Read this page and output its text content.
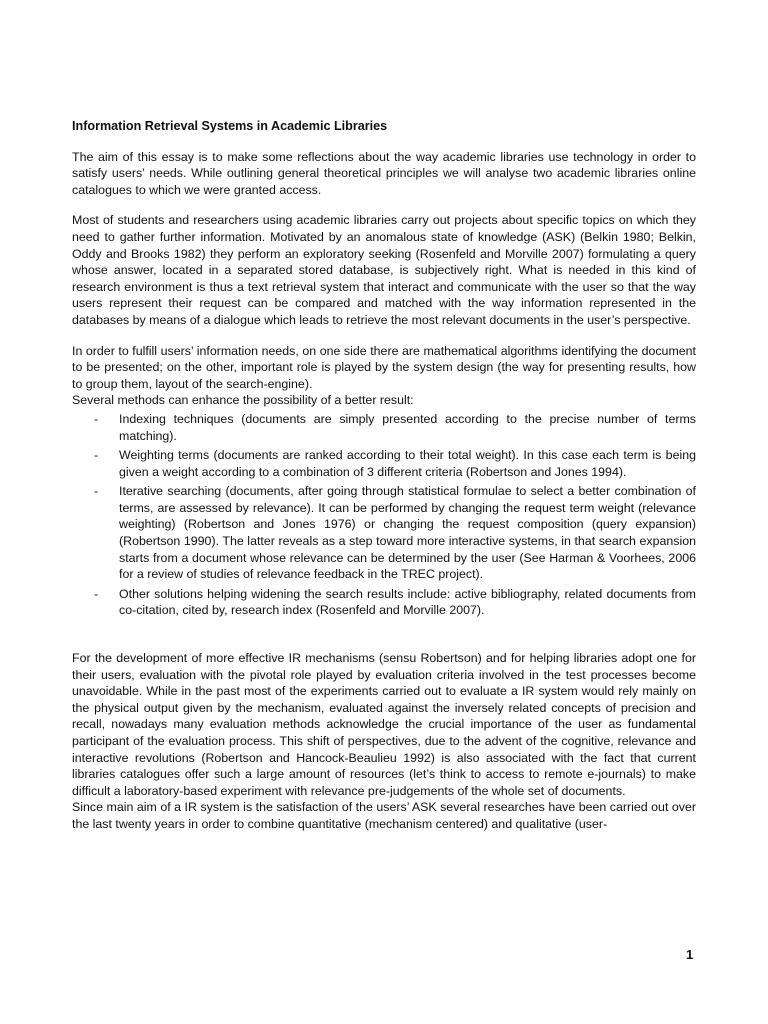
Information Retrieval Systems in Academic Libraries

The aim of this essay is to make some reflections about the way academic libraries use technology in order to satisfy users’ needs. While outlining general theoretical principles we will analyse two academic libraries online catalogues to which we were granted access.

Most of students and researchers using academic libraries carry out projects about specific topics on which they need to gather further information. Motivated by an anomalous state of knowledge (ASK) (Belkin 1980; Belkin, Oddy and Brooks 1982) they perform an exploratory seeking (Rosenfeld and Morville 2007) formulating a query whose answer, located in a separated stored database, is subjectively right. What is needed in this kind of research environment is thus a text retrieval system that interact and communicate with the user so that the way users represent their request can be compared and matched with the way information represented in the databases by means of a dialogue which leads to retrieve the most relevant documents in the user’s perspective.

In order to fulfill users’ information needs, on one side there are mathematical algorithms identifying the document to be presented; on the other, important role is played by the system design (the way for presenting results, how to group them, layout of the search-engine).

Several methods can enhance the possibility of a better result:

- Indexing techniques (documents are simply presented according to the precise number of terms matching).
- Weighting terms (documents are ranked according to their total weight). In this case each term is being given a weight according to a combination of 3 different criteria (Robertson and Jones 1994).
- Iterative searching (documents, after going through statistical formulae to select a better combination of terms, are assessed by relevance). It can be performed by changing the request term weight (relevance weighting) (Robertson and Jones 1976) or changing the request composition (query expansion) (Robertson 1990). The latter reveals as a step toward more interactive systems, in that search expansion starts from a document whose relevance can be determined by the user (See Harman & Voorhees, 2006 for a review of studies of relevance feedback in the TREC project).
- Other solutions helping widening the search results include: active bibliography, related documents from co-citation, cited by, research index (Rosenfeld and Morville 2007).

For the development of more effective IR mechanisms (sensu Robertson) and for helping libraries adopt one for their users, evaluation with the pivotal role played by evaluation criteria involved in the test processes become unavoidable. While in the past most of the experiments carried out to evaluate a IR system would rely mainly on the physical output given by the mechanism, evaluated against the inversely related concepts of precision and recall, nowadays many evaluation methods acknowledge the crucial importance of the user as fundamental participant of the evaluation process. This shift of perspectives, due to the advent of the cognitive, relevance and interactive revolutions (Robertson and Hancock-Beaulieu 1992) is also associated with the fact that current libraries catalogues offer such a large amount of resources (let’s think to access to remote e-journals) to make difficult a laboratory-based experiment with relevance pre-judgements of the whole set of documents.

Since main aim of a IR system is the satisfaction of the users’ ASK several researches have been carried out over the last twenty years in order to combine quantitative (mechanism centered) and qualitative (user-

1
